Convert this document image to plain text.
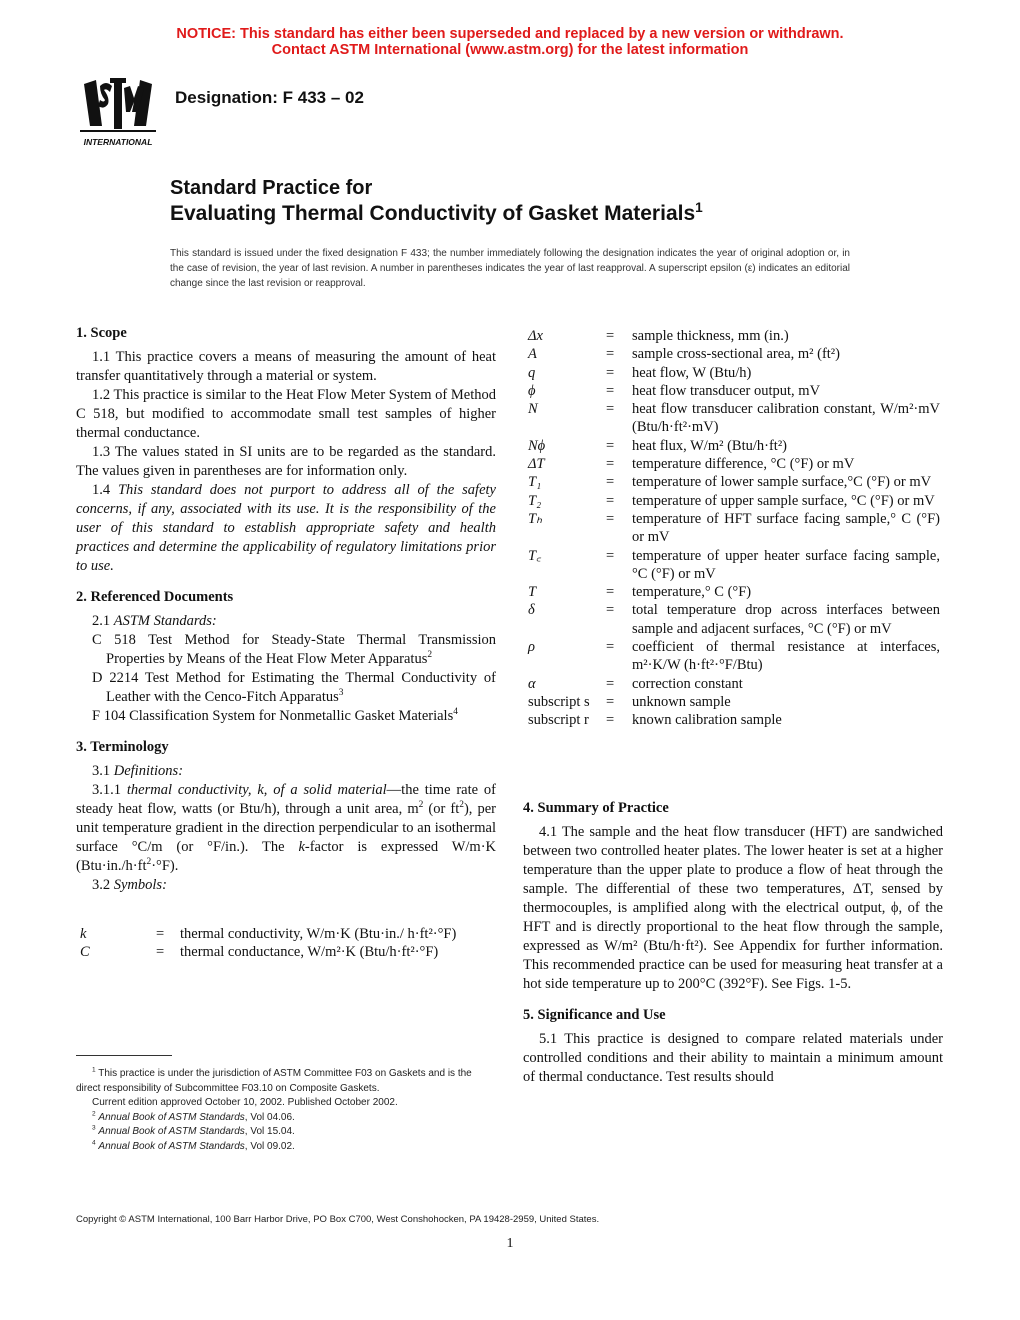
NOTICE: This standard has either been superseded and replaced by a new version or withdrawn.
Contact ASTM International (www.astm.org) for the latest information
INTERNATIONAL
Designation: F 433 – 02
Standard Practice for
Evaluating Thermal Conductivity of Gasket Materials$^1$
This standard is issued under the fixed designation F 433; the number immediately following the designation indicates the year of original adoption or, in the case of revision, the year of last revision. A number in parentheses indicates the year of last reapproval. A superscript epsilon (ε) indicates an editorial change since the last revision or reapproval.

1. Scope

1.1 This practice covers a means of measuring the amount of heat transfer quantitatively through a material or system.

1.2 This practice is similar to the Heat Flow Meter System of Method C 518, but modified to accommodate small test samples of higher thermal conductance.

1.3 The values stated in SI units are to be regarded as the standard. The values given in parentheses are for information only.

1.4 This standard does not purport to address all of the safety concerns, if any, associated with its use. It is the responsibility of the user of this standard to establish appropriate safety and health practices and determine the applicability of regulatory limitations prior to use.

2. Referenced Documents

2.1 ASTM Standards:

C 518 Test Method for Steady-State Thermal Transmission Properties by Means of the Heat Flow Meter Apparatus$^2$

D 2214 Test Method for Estimating the Thermal Conductivity of Leather with the Cenco-Fitch Apparatus$^3$

F 104 Classification System for Nonmetallic Gasket Materials$^4$

3. Terminology

3.1 Definitions:

3.1.1 thermal conductivity, k, of a solid material—the time rate of steady heat flow, watts (or Btu/h), through a unit area, $m^2$ (or $ft^2$), per unit temperature gradient in the direction perpendicular to an isothermal surface °C/m (or °F/in.). The k-factor is expressed W/m·K $(Btu\cdot in./h\cdot ft^2\cdot^\circ F)$.

3.2 Symbols:

k	=	thermal conductivity, W/m·K (Btu·in./ h·ft²·°F)
C	=	thermal conductance, W/m²·K (Btu/h·ft²·°F)
Δx	=	sample thickness, mm (in.)
A	=	sample cross-sectional area, m² (ft²)
q	=	heat flow, W (Btu/h)
ϕ	=	heat flow transducer output, mV
N	=	heat flow transducer calibration constant, W/m²·mV (Btu/h·ft²·mV)
Nϕ	=	heat flux, W/m² (Btu/h·ft²)
ΔT	=	temperature difference, °C (°F) or mV
T₁	=	temperature of lower sample surface,°C (°F) or mV
T₂	=	temperature of upper sample surface, °C (°F) or mV
Tₕ	=	temperature of HFT surface facing sample,° C (°F) or mV
T꜀	=	temperature of upper heater surface facing sample, °C (°F) or mV
T	=	temperature,° C (°F)
δ	=	total temperature drop across interfaces between sample and adjacent surfaces, °C (°F) or mV
ρ	=	coefficient of thermal resistance at interfaces, m²·K/W (h·ft²·°F/Btu)
α	=	correction constant
subscript s	=	unknown sample
subscript r	=	known calibration sample

4. Summary of Practice

4.1 The sample and the heat flow transducer (HFT) are sandwiched between two controlled heater plates. The lower heater is set at a higher temperature than the upper plate to produce a flow of heat through the sample. The differential of these two temperatures, ΔT, sensed by thermocouples, is amplified along with the electrical output, ϕ, of the HFT and is directly proportional to the heat flow through the sample, expressed as W/m² (Btu/h·ft²). See Appendix for further information. This recommended practice can be used for measuring heat transfer at a hot side temperature up to 200°C (392°F). See Figs. 1-5.

5. Significance and Use

5.1 This practice is designed to compare related materials under controlled conditions and their ability to maintain a minimum amount of thermal conductance. Test results should

$^1$ This practice is under the jurisdiction of ASTM Committee F03 on Gaskets and is the direct responsibility of Subcommittee F03.10 on Composite Gaskets.
Current edition approved October 10, 2002. Published October 2002.
$^2$ Annual Book of ASTM Standards, Vol 04.06.
$^3$ Annual Book of ASTM Standards, Vol 15.04.
$^4$ Annual Book of ASTM Standards, Vol 09.02.
Copyright © ASTM International, 100 Barr Harbor Drive, PO Box C700, West Conshohocken, PA 19428-2959, United States.
1
